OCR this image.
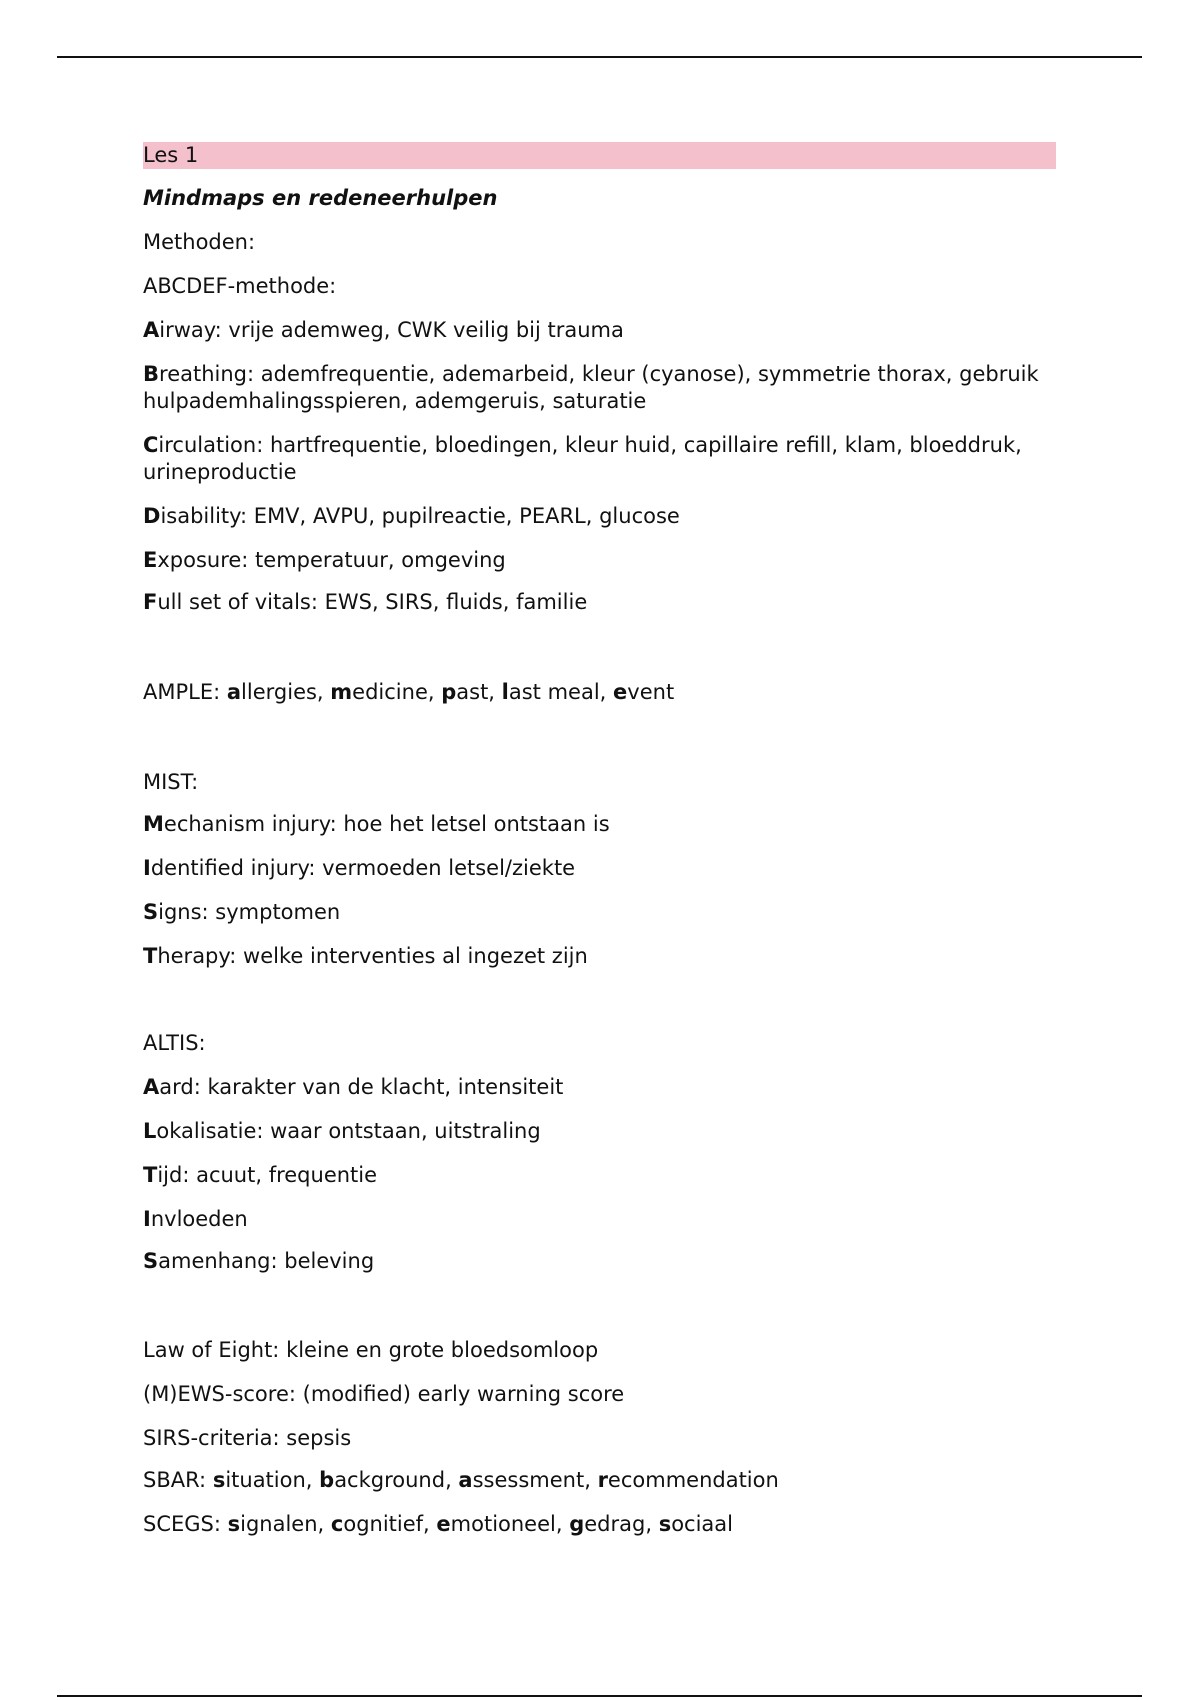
Les 1
Mindmaps en redeneerhulpen
Methoden:
ABCDEF-methode:
Airway: vrije ademweg, CWK veilig bij trauma
Breathing: ademfrequentie, ademarbeid, kleur (cyanose), symmetrie thorax, gebruik hulpademhalingsspieren, ademgeruis, saturatie
Circulation: hartfrequentie, bloedingen, kleur huid, capillaire refill, klam, bloeddruk, urineproductie
Disability: EMV, AVPU, pupilreactie, PEARL, glucose
Exposure: temperatuur, omgeving
Full set of vitals: EWS, SIRS, fluids, familie
AMPLE: allergies, medicine, past, last meal, event
MIST:
Mechanism injury: hoe het letsel ontstaan is
Identified injury: vermoeden letsel/ziekte
Signs: symptomen
Therapy: welke interventies al ingezet zijn
ALTIS:
Aard: karakter van de klacht, intensiteit
Lokalisatie: waar ontstaan, uitstraling
Tijd: acuut, frequentie
Invloeden
Samenhang: beleving
Law of Eight: kleine en grote bloedsomloop
(M)EWS-score: (modified) early warning score
SIRS-criteria: sepsis
SBAR: situation, background, assessment, recommendation
SCEGS: signalen, cognitief, emotioneel, gedrag, sociaal
